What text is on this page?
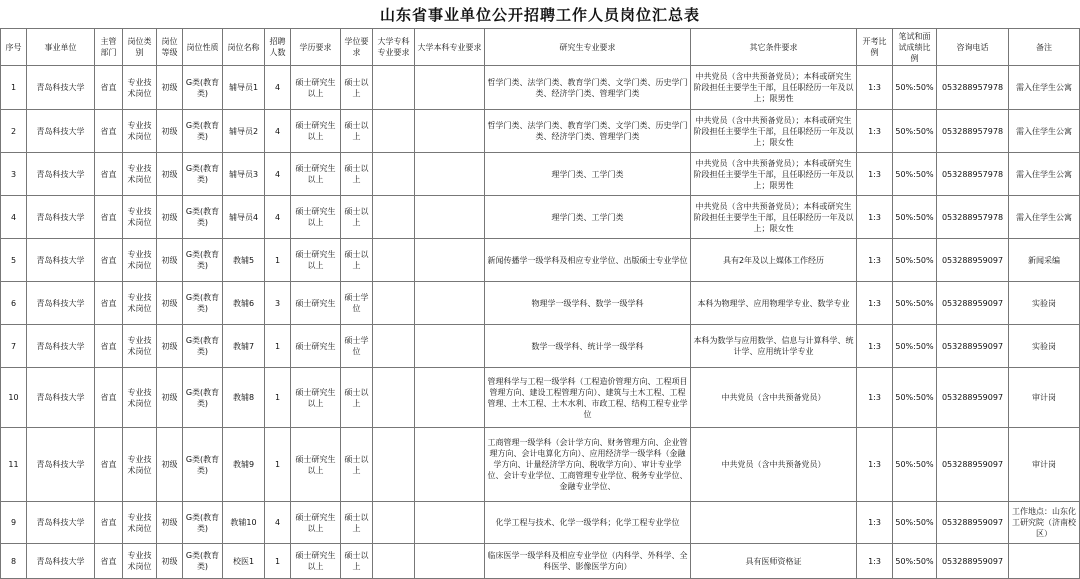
山东省事业单位公开招聘工作人员岗位汇总表
序号	事业单位	主管部门	岗位类别	岗位等级	岗位性质	岗位名称	招聘人数	学历要求	学位要求	大学专科专业要求	大学本科专业要求	研究生专业要求	其它条件要求	开考比例	笔试和面试成绩比例	咨询电话	备注
1	青岛科技大学	省直	专业技术岗位	初级	G类(教育类)	辅导员1	4	硕士研究生以上	硕士以上			哲学门类、法学门类、教育学门类、文学门类、历史学门类、经济学门类、管理学门类	中共党员（含中共预备党员）；本科或研究生阶段担任主要学生干部，且任职经历一年及以上；限男性	1:3	50%:50%	053288957978	需入住学生公寓
2	青岛科技大学	省直	专业技术岗位	初级	G类(教育类)	辅导员2	4	硕士研究生以上	硕士以上			哲学门类、法学门类、教育学门类、文学门类、历史学门类、经济学门类、管理学门类	中共党员（含中共预备党员）；本科或研究生阶段担任主要学生干部，且任职经历一年及以上；限女性	1:3	50%:50%	053288957978	需入住学生公寓
3	青岛科技大学	省直	专业技术岗位	初级	G类(教育类)	辅导员3	4	硕士研究生以上	硕士以上			理学门类、工学门类	中共党员（含中共预备党员）；本科或研究生阶段担任主要学生干部，且任职经历一年及以上；限男性	1:3	50%:50%	053288957978	需入住学生公寓
4	青岛科技大学	省直	专业技术岗位	初级	G类(教育类)	辅导员4	4	硕士研究生以上	硕士以上			理学门类、工学门类	中共党员（含中共预备党员）；本科或研究生阶段担任主要学生干部，且任职经历一年及以上；限女性	1:3	50%:50%	053288957978	需入住学生公寓
5	青岛科技大学	省直	专业技术岗位	初级	G类(教育类)	教辅5	1	硕士研究生以上	硕士以上			新闻传播学一级学科及相应专业学位、出版硕士专业学位	具有2年及以上媒体工作经历	1:3	50%:50%	053288959097	新闻采编
6	青岛科技大学	省直	专业技术岗位	初级	G类(教育类)	教辅6	3	硕士研究生	硕士学位			物理学一级学科、数学一级学科	本科为物理学、应用物理学专业、数学专业	1:3	50%:50%	053288959097	实验岗
7	青岛科技大学	省直	专业技术岗位	初级	G类(教育类)	教辅7	1	硕士研究生	硕士学位			数学一级学科、统计学一级学科	本科为数学与应用数学、信息与计算科学、统计学、应用统计学专业	1:3	50%:50%	053288959097	实验岗
10	青岛科技大学	省直	专业技术岗位	初级	G类(教育类)	教辅8	1	硕士研究生以上	硕士以上			管理科学与工程一级学科（工程造价管理方向、工程项目管理方向、建设工程管理方向）、建筑与土木工程、工程管理、土木工程、土木水利、市政工程、结构工程专业学位	中共党员（含中共预备党员）	1:3	50%:50%	053288959097	审计岗
11	青岛科技大学	省直	专业技术岗位	初级	G类(教育类)	教辅9	1	硕士研究生以上	硕士以上			工商管理一级学科（会计学方向、财务管理方向、企业管理方向、会计电算化方向）、应用经济学一级学科（金融学方向、计量经济学方向、税收学方向）、审计专业学位、会计专业学位、工商管理专业学位、税务专业学位、金融专业学位、	中共党员（含中共预备党员）	1:3	50%:50%	053288959097	审计岗
9	青岛科技大学	省直	专业技术岗位	初级	G类(教育类)	教辅10	4	硕士研究生以上	硕士以上			化学工程与技术、化学一级学科；化学工程专业学位		1:3	50%:50%	053288959097	工作地点：山东化工研究院（济南校区）
8	青岛科技大学	省直	专业技术岗位	初级	G类(教育类)	校医1	1	硕士研究生以上	硕士以上			临床医学一级学科及相应专业学位（内科学、外科学、全科医学、影像医学方向）	具有医师资格证	1:3	50%:50%	053288959097	
